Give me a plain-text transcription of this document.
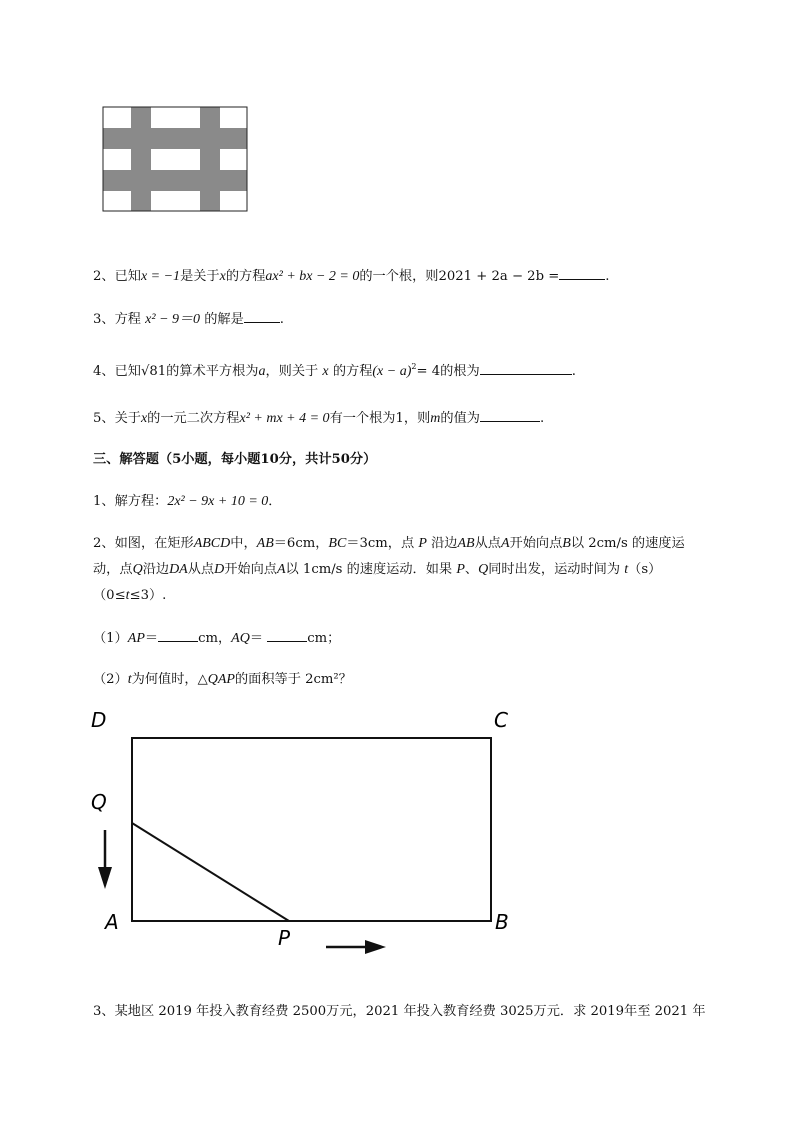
2、已知x = −1是关于x的方程ax² + bx − 2 = 0的一个根，则2021 + 2a − 2b =	.
3、方程 x² − 9＝0 的解是	.
4、已知√81的算术平方根为a，则关于 x 的方程$(x - a)^2= 4$的根为	.
5、关于x的一元二次方程x² + mx + 4 = 0有一个根为1，则m的值为	.
三、解答题（5小题，每小题10分，共计50分）
1、解方程：2x² − 9x + 10 = 0．
2、如图，在矩形ABCD中，AB＝6cm，BC＝3cm，点 P 沿边AB从点A开始向点B以 2cm/s 的速度运
动，点Q沿边DA从点D开始向点A以 1cm/s 的速度运动．如果 P、Q同时出发，运动时间为 t（s）
（0≤t≤3）.
（1）AP＝	cm，AQ＝	cm；
（2）t为何值时，△QAP的面积等于 2cm²？
D	C
Q
A
P
B
3、某地区 2019 年投入教育经费 2500万元，2021 年投入教育经费 3025万元．求 2019年至 2021 年
